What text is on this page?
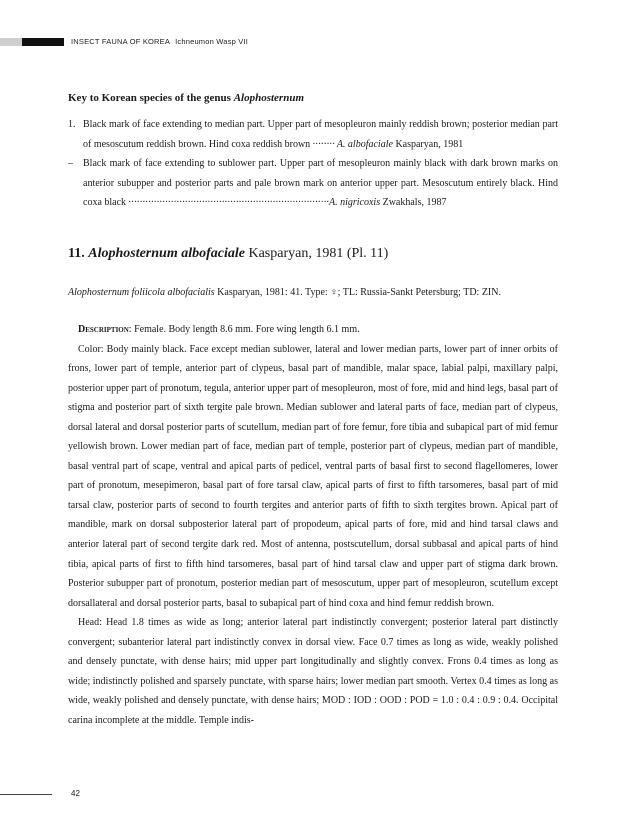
INSECT FAUNA OF KOREA Ichneumon Wasp VII
Key to Korean species of the genus Alophosternum
1. Black mark of face extending to median part. Upper part of mesopleuron mainly reddish brown; posterior median part of mesoscutum reddish brown. Hind coxa reddish brown ········ A. albofaciale Kasparyan, 1981
–	Black mark of face extending to sublower part. Upper part of mesopleuron mainly black with dark brown marks on anterior subupper and posterior parts and pale brown mark on anterior upper part. Mesoscutum entirely black. Hind coxa black ·······································································A. nigricoxis Zwakhals, 1987
11. Alophosternum albofaciale Kasparyan, 1981 (Pl. 11)
Alophosternum foliicola albofacialis Kasparyan, 1981: 41. Type: ♀; TL: Russia-Sankt Petersburg; TD: ZIN.

Description: Female. Body length 8.6 mm. Fore wing length 6.1 mm.

Color: Body mainly black. Face except median sublower, lateral and lower median parts, lower part of inner orbits of frons, lower part of temple, anterior part of clypeus, basal part of mandible, malar space, labial palpi, maxillary palpi, posterior upper part of pronotum, tegula, anterior upper part of mesopleuron, most of fore, mid and hind legs, basal part of stigma and posterior part of sixth tergite pale brown. Median sublower and lateral parts of face, median part of clypeus, dorsal lateral and dorsal posterior parts of scutellum, median part of fore femur, fore tibia and subapical part of mid femur yellowish brown. Lower median part of face, median part of temple, posterior part of clypeus, median part of mandible, basal ventral part of scape, ventral and apical parts of pedicel, ventral parts of basal first to second flagellomeres, lower part of pronotum, mesepimeron, basal part of fore tarsal claw, apical parts of first to fifth tarsomeres, basal part of mid tarsal claw, posterior parts of second to fourth tergites and anterior parts of fifth to sixth tergites brown. Apical part of mandible, mark on dorsal subposterior lateral part of propodeum, apical parts of fore, mid and hind tarsal claws and anterior lateral part of second tergite dark red. Most of antenna, postscutellum, dorsal subbasal and apical parts of hind tibia, apical parts of first to fifth hind tarsomeres, basal part of hind tarsal claw and upper part of stigma dark brown. Posterior subupper part of pronotum, posterior median part of mesoscutum, upper part of mesopleuron, scutellum except dorsallateral and dorsal posterior parts, basal to subapical part of hind coxa and hind femur reddish brown.

Head: Head 1.8 times as wide as long; anterior lateral part indistinctly convergent; posterior lateral part distinctly convergent; subanterior lateral part indistinctly convex in dorsal view. Face 0.7 times as long as wide, weakly polished and densely punctate, with dense hairs; mid upper part longitudinally and slightly convex. Frons 0.4 times as long as wide; indistinctly polished and sparsely punctate, with sparse hairs; lower median part smooth. Vertex 0.4 times as long as wide, weakly polished and densely punctate, with dense hairs; MOD : IOD : OOD : POD = 1.0 : 0.4 : 0.9 : 0.4. Occipital carina incomplete at the middle. Temple indis-

42
